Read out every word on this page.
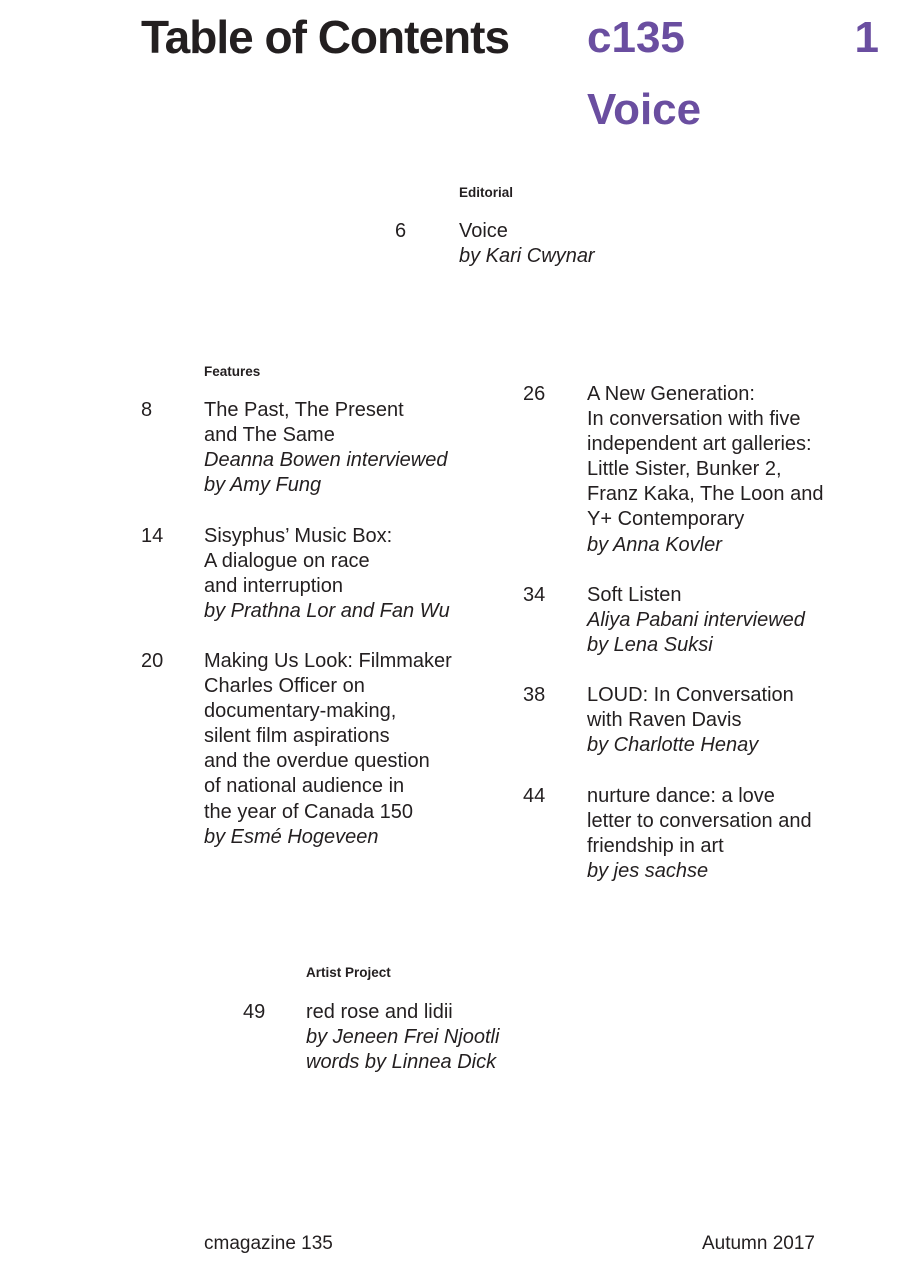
Table of Contents c135
Voice
1
Editorial
6	Voice
by Kari Cwynar
Features
8	The Past, The Present
and The Same
Deanna Bowen interviewed
by Amy Fung
14 Sisyphus’ Music Box:
A dialogue on race
and interruption
by Prathna Lor and Fan Wu
20 Making Us Look: Filmmaker
Charles Officer on
documentary-making,
silent film aspirations
and the overdue question
of national audience in
the year of Canada 150
by Esmé Hogeveen
26 A New Generation:
In conversation with five
independent art galleries:
Little Sister, Bunker 2,
Franz Kaka, The Loon and
Y+ Contemporary
by Anna Kovler
34 Soft Listen
Aliya Pabani interviewed
by Lena Suksi
38 LOUD: In Conversation
with Raven Davis
by Charlotte Henay
44 nurture dance: a love
letter to conversation and
friendship in art
by jes sachse
Artist Project
49 red rose and lidii
by Jeneen Frei Njootli
words by Linnea Dick
cmagazine 135	Autumn 2017
